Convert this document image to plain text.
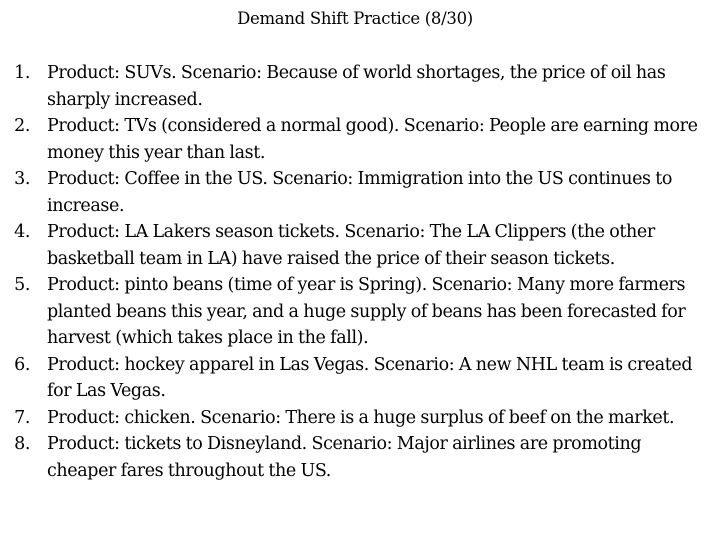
Demand Shift Practice (8/30)
1. Product: SUVs. Scenario: Because of world shortages, the price of oil has sharply increased.
2. Product: TVs (considered a normal good). Scenario: People are earning more money this year than last.
3. Product: Coffee in the US. Scenario: Immigration into the US continues to increase.
4. Product: LA Lakers season tickets. Scenario: The LA Clippers (the other basketball team in LA) have raised the price of their season tickets.
5. Product: pinto beans (time of year is Spring). Scenario: Many more farmers planted beans this year, and a huge supply of beans has been forecasted for harvest (which takes place in the fall).
6. Product: hockey apparel in Las Vegas. Scenario: A new NHL team is created for Las Vegas.
7. Product: chicken. Scenario: There is a huge surplus of beef on the market.
8. Product: tickets to Disneyland. Scenario: Major airlines are promoting cheaper fares throughout the US.
